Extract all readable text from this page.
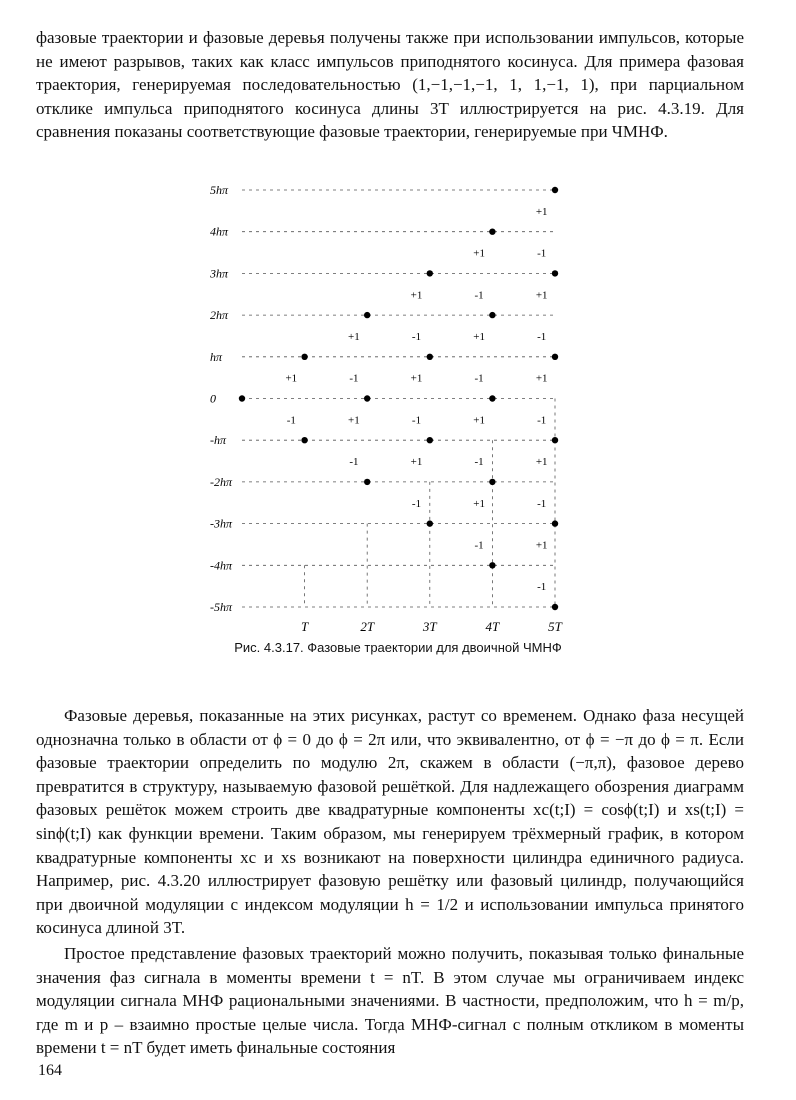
фазовые траектории и фазовые деревья получены также при использовании импульсов, которые не имеют разрывов, таких как класс импульсов приподнятого косинуса. Для примера фазовая траектория, генерируемая последовательностью (1,−1,−1,−1, 1, 1,−1, 1), при парциальном отклике импульса приподнятого косинуса длины 3T иллюстрируется на рис. 4.3.19. Для сравнения показаны соответствующие фазовые траектории, генерируемые при ЧМНФ.
5hπ
4hπ
3hπ
2hπ
hπ
0
-hπ
-2hπ
-3hπ
-4hπ
-5hπ
T	2T	3T	4T	5T
+1
-1
+1
-1
+1
-1
+1
-1
+1
-1
+1
-1
+1
-1
+1
-1
+1
-1
+1
-1
+1
-1
+1
-1
+1
-1
+1
-1
+1
-1
Рис. 4.3.17. Фазовые траектории для двоичной ЧМНФ
Фазовые деревья, показанные на этих рисунках, растут со временем. Однако фаза несущей однозначна только в области от ϕ = 0 до ϕ = 2π или, что эквивалентно, от ϕ = −π до ϕ = π. Если фазовые траектории определить по модулю 2π, скажем в области (−π,π), фазовое дерево превратится в структуру, называемую фазовой решёткой. Для надлежащего обозрения диаграмм фазовых решёток можем строить две квадратурные компоненты xc(t;I) = cosϕ(t;I) и xs(t;I) = sinϕ(t;I) как функции времени. Таким образом, мы генерируем трёхмерный график, в котором квадратурные компоненты xc и xs возникают на поверхности цилиндра единичного радиуса. Например, рис. 4.3.20 иллюстрирует фазовую решётку или фазовый цилиндр, получающийся при двоичной модуляции с индексом модуляции h = 1/2 и использовании импульса принятого косинуса длиной 3T.
Простое представление фазовых траекторий можно получить, показывая только финальные значения фаз сигнала в моменты времени t = nT. В этом случае мы ограничиваем индекс модуляции сигнала МНФ рациональными значениями. В частности, предположим, что h = m/p, где m и p – взаимно простые целые числа. Тогда МНФ-сигнал с полным откликом в моменты времени t = nT будет иметь финальные состояния
164
